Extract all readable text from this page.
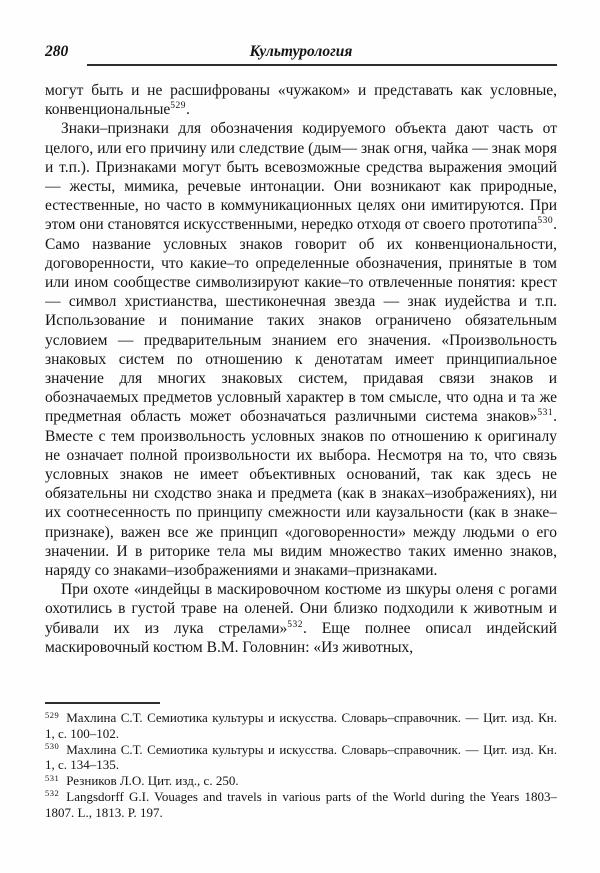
280	Культурология

могут быть и не расшифрованы «чужаком» и представать как условные, конвенциональные$^{529}$.

Знаки–признаки для обозначения кодируемого объекта дают часть от целого, или его причину или следствие (дым— знак огня, чайка — знак моря и т.п.). Признаками могут быть всевозможные средства выражения эмоций — жесты, мимика, речевые интонации. Они возникают как природные, естественные, но часто в коммуникационных целях они имитируются. При этом они становятся искусственными, нередко отходя от своего прототипа$^{530}$. Само название условных знаков говорит об их конвенциональности, договоренности, что какие–то определенные обозначения, принятые в том или ином сообществе символизируют какие–то отвлеченные понятия: крест — символ христианства, шестиконечная звезда — знак иудейства и т.п. Использование и понимание таких знаков ограничено обязательным условием — предварительным знанием его значения. «Произвольность знаковых систем по отношению к денотатам имеет принципиальное значение для многих знаковых систем, придавая связи знаков и обозначаемых предметов условный характер в том смысле, что одна и та же предметная область может обозначаться различными система знаков»$^{531}$. Вместе с тем произвольность условных знаков по отношению к оригиналу не означает полной произвольности их выбора. Несмотря на то, что связь условных знаков не имеет объективных оснований, так как здесь не обязательны ни сходство знака и предмета (как в знаках–изображениях), ни их соотнесенность по принципу смежности или каузальности (как в знаке–признаке), важен все же принцип «договоренности» между людьми о его значении. И в риторике тела мы видим множество таких именно знаков, наряду со знаками–изображениями и знаками–признаками.

При охоте «индейцы в маскировочном костюме из шкуры оленя с рогами охотились в густой траве на оленей. Они близко подходили к животным и убивали их из лука стрелами»$^{532}$. Еще полнее описал индейский маскировочный костюм В.М. Головнин: «Из животных,

$^{529}$ Махлина С.Т. Семиотика культуры и искусства. Словарь–справочник. — Цит. изд. Кн. 1, с. 100–102.

$^{530}$ Махлина С.Т. Семиотика культуры и искусства. Словарь–справочник. — Цит. изд. Кн. 1, с. 134–135.

$^{531}$ Резников Л.О. Цит. изд., с. 250.

$^{532}$ Langsdorff G.I. Vouages and travels in various parts of the World during the Years 1803–1807. L., 1813. P. 197.
